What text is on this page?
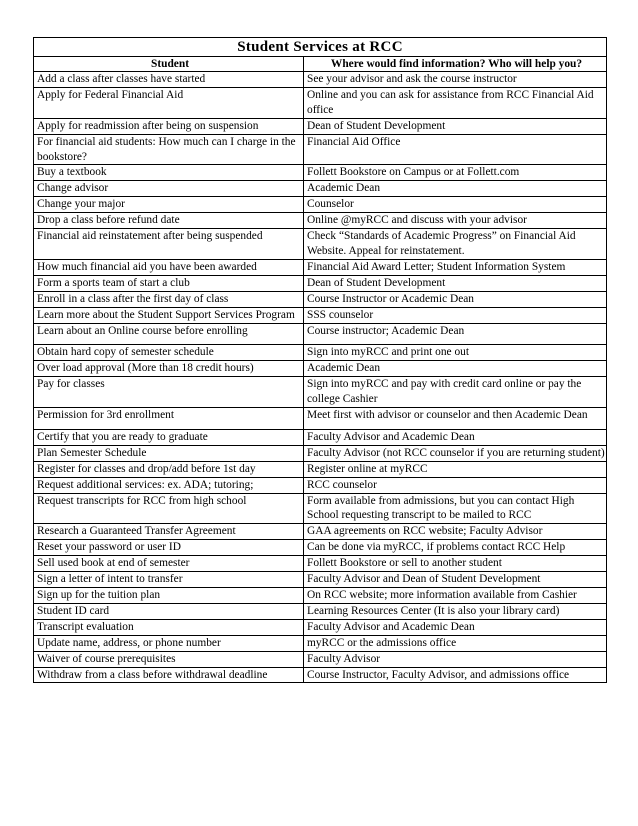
Student Services at RCC	
Student	Where would find information? Who will help you?
Add a class after classes have started	See your advisor and ask the course instructor
Apply for Federal Financial Aid	Online and you can ask for assistance from RCC Financial Aid office
Apply for readmission after being on suspension	Dean of Student Development
For financial aid students: How much can I charge in the bookstore?	Financial Aid Office
Buy a textbook	Follett Bookstore on Campus or at Follett.com
Change advisor	Academic Dean
Change your major	Counselor
Drop a class before refund date	Online @myRCC and discuss with your advisor
Financial aid reinstatement after being suspended	Check “Standards of Academic Progress” on Financial Aid Website. Appeal for reinstatement.
How much financial aid you have been awarded	Financial Aid Award Letter; Student Information System
Form a sports team of start a club	Dean of Student Development
Enroll in a class after the first day of class	Course Instructor or Academic Dean
Learn more about the Student Support Services Program	SSS counselor
Learn about an Online course before enrolling	Course instructor; Academic Dean
Obtain hard copy of semester schedule	Sign into myRCC and print one out
Over load approval (More than 18 credit hours)	Academic Dean
Pay for classes	Sign into myRCC and pay with credit card online or pay the college Cashier
Permission for 3rd enrollment	Meet first with advisor or counselor and then Academic Dean
Certify that you are ready to graduate	Faculty Advisor and Academic Dean
Plan Semester Schedule	Faculty Advisor (not RCC counselor if you are returning student)
Register for classes and drop/add before 1st day	Register online at myRCC
Request additional services: ex. ADA; tutoring;	RCC counselor
Request transcripts for RCC from high school	Form available from admissions, but you can contact High School requesting transcript to be mailed to RCC
Research a Guaranteed Transfer Agreement	GAA agreements on RCC website; Faculty Advisor
Reset your password or user ID	Can be done via myRCC, if problems contact RCC Help
Sell used book at end of semester	Follett Bookstore or sell to another student
Sign a letter of intent to transfer	Faculty Advisor and Dean of Student Development
Sign up for the tuition plan	On RCC website; more information available from Cashier
Student ID card	Learning Resources Center (It is also your library card)
Transcript evaluation	Faculty Advisor and Academic Dean
Update name, address, or phone number	myRCC or the admissions office
Waiver of course prerequisites	Faculty Advisor
Withdraw from a class before withdrawal deadline	Course Instructor, Faculty Advisor, and admissions office
